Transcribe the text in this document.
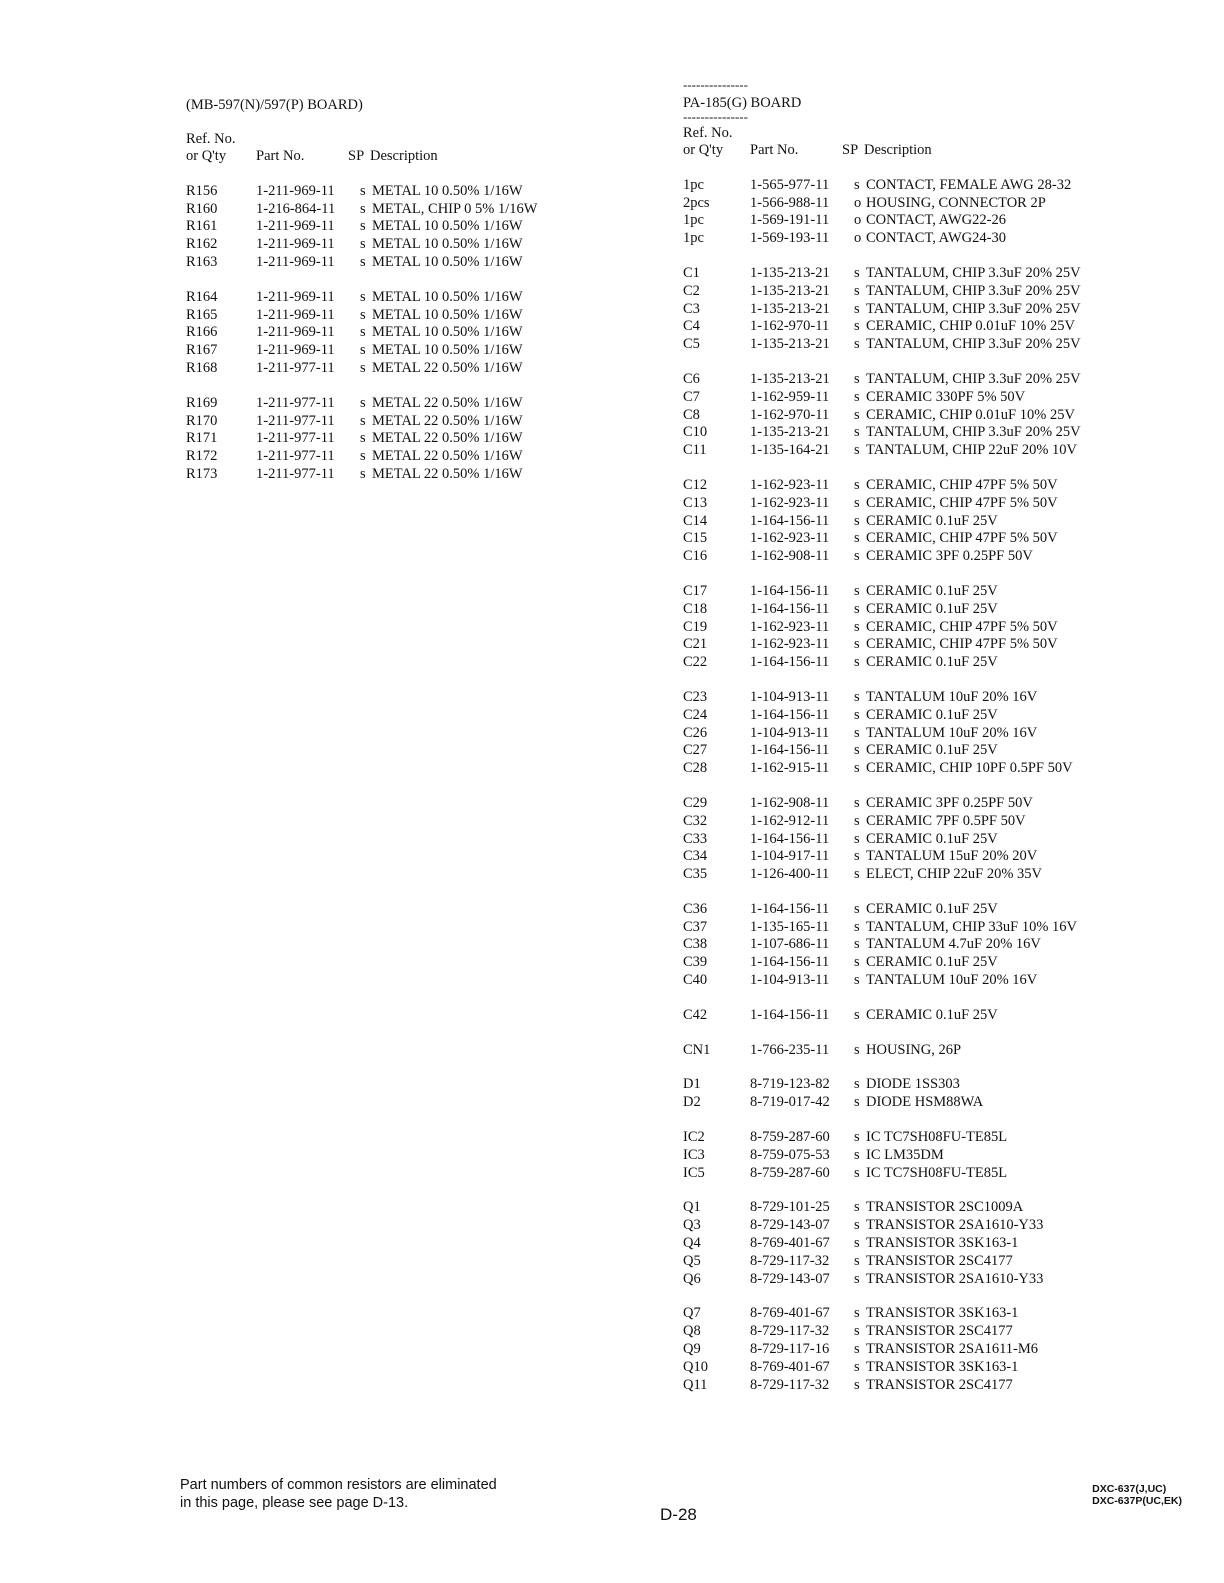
(MB-597(N)/597(P) BOARD)
Ref. No.
or Q'ty	Part No.	SP Description
R156	1-211-969-11	s METAL 10 0.50% 1/16W
R160	1-216-864-11	s METAL, CHIP 0 5% 1/16W
R161	1-211-969-11	s METAL 10 0.50% 1/16W
R162	1-211-969-11	s METAL 10 0.50% 1/16W
R163	1-211-969-11	s METAL 10 0.50% 1/16W
R164	1-211-969-11	s METAL 10 0.50% 1/16W
R165	1-211-969-11	s METAL 10 0.50% 1/16W
R166	1-211-969-11	s METAL 10 0.50% 1/16W
R167	1-211-969-11	s METAL 10 0.50% 1/16W
R168	1-211-977-11	s METAL 22 0.50% 1/16W
R169	1-211-977-11	s METAL 22 0.50% 1/16W
R170	1-211-977-11	s METAL 22 0.50% 1/16W
R171	1-211-977-11	s METAL 22 0.50% 1/16W
R172	1-211-977-11	s METAL 22 0.50% 1/16W
R173	1-211-977-11	s METAL 22 0.50% 1/16W
---------------
PA-185(G) BOARD
---------------
Ref. No.
or Q'ty	Part No.	SP Description
1pc	1-565-977-11	s CONTACT, FEMALE AWG 28-32
2pcs	1-566-988-11	o HOUSING, CONNECTOR 2P
1pc	1-569-191-11	o CONTACT, AWG22-26
1pc	1-569-193-11	o CONTACT, AWG24-30
C1	1-135-213-21	s TANTALUM, CHIP 3.3uF 20% 25V
C2	1-135-213-21	s TANTALUM, CHIP 3.3uF 20% 25V
C3	1-135-213-21	s TANTALUM, CHIP 3.3uF 20% 25V
C4	1-162-970-11	s CERAMIC, CHIP 0.01uF 10% 25V
C5	1-135-213-21	s TANTALUM, CHIP 3.3uF 20% 25V
C6	1-135-213-21	s TANTALUM, CHIP 3.3uF 20% 25V
C7	1-162-959-11	s CERAMIC 330PF 5% 50V
C8	1-162-970-11	s CERAMIC, CHIP 0.01uF 10% 25V
C10	1-135-213-21	s TANTALUM, CHIP 3.3uF 20% 25V
C11	1-135-164-21	s TANTALUM, CHIP 22uF 20% 10V
C12	1-162-923-11	s CERAMIC, CHIP 47PF 5% 50V
C13	1-162-923-11	s CERAMIC, CHIP 47PF 5% 50V
C14	1-164-156-11	s CERAMIC 0.1uF 25V
C15	1-162-923-11	s CERAMIC, CHIP 47PF 5% 50V
C16	1-162-908-11	s CERAMIC 3PF 0.25PF 50V
C17	1-164-156-11	s CERAMIC 0.1uF 25V
C18	1-164-156-11	s CERAMIC 0.1uF 25V
C19	1-162-923-11	s CERAMIC, CHIP 47PF 5% 50V
C21	1-162-923-11	s CERAMIC, CHIP 47PF 5% 50V
C22	1-164-156-11	s CERAMIC 0.1uF 25V
C23	1-104-913-11	s TANTALUM 10uF 20% 16V
C24	1-164-156-11	s CERAMIC 0.1uF 25V
C26	1-104-913-11	s TANTALUM 10uF 20% 16V
C27	1-164-156-11	s CERAMIC 0.1uF 25V
C28	1-162-915-11	s CERAMIC, CHIP 10PF 0.5PF 50V
C29	1-162-908-11	s CERAMIC 3PF 0.25PF 50V
C32	1-162-912-11	s CERAMIC 7PF 0.5PF 50V
C33	1-164-156-11	s CERAMIC 0.1uF 25V
C34	1-104-917-11	s TANTALUM 15uF 20% 20V
C35	1-126-400-11	s ELECT, CHIP 22uF 20% 35V
C36	1-164-156-11	s CERAMIC 0.1uF 25V
C37	1-135-165-11	s TANTALUM, CHIP 33uF 10% 16V
C38	1-107-686-11	s TANTALUM 4.7uF 20% 16V
C39	1-164-156-11	s CERAMIC 0.1uF 25V
C40	1-104-913-11	s TANTALUM 10uF 20% 16V
C42	1-164-156-11	s CERAMIC 0.1uF 25V
CN1	1-766-235-11	s HOUSING, 26P
D1	8-719-123-82	s DIODE 1SS303
D2	8-719-017-42	s DIODE HSM88WA
IC2	8-759-287-60	s IC TC7SH08FU-TE85L
IC3	8-759-075-53	s IC LM35DM
IC5	8-759-287-60	s IC TC7SH08FU-TE85L
Q1	8-729-101-25	s TRANSISTOR 2SC1009A
Q3	8-729-143-07	s TRANSISTOR 2SA1610-Y33
Q4	8-769-401-67	s TRANSISTOR 3SK163-1
Q5	8-729-117-32	s TRANSISTOR 2SC4177
Q6	8-729-143-07	s TRANSISTOR 2SA1610-Y33
Q7	8-769-401-67	s TRANSISTOR 3SK163-1
Q8	8-729-117-32	s TRANSISTOR 2SC4177
Q9	8-729-117-16	s TRANSISTOR 2SA1611-M6
Q10	8-769-401-67	s TRANSISTOR 3SK163-1
Q11	8-729-117-32	s TRANSISTOR 2SC4177
Part numbers of common resistors are eliminated
in this page, please see page D-13.
D-28
DXC-637(J,UC)
DXC-637P(UC,EK)
